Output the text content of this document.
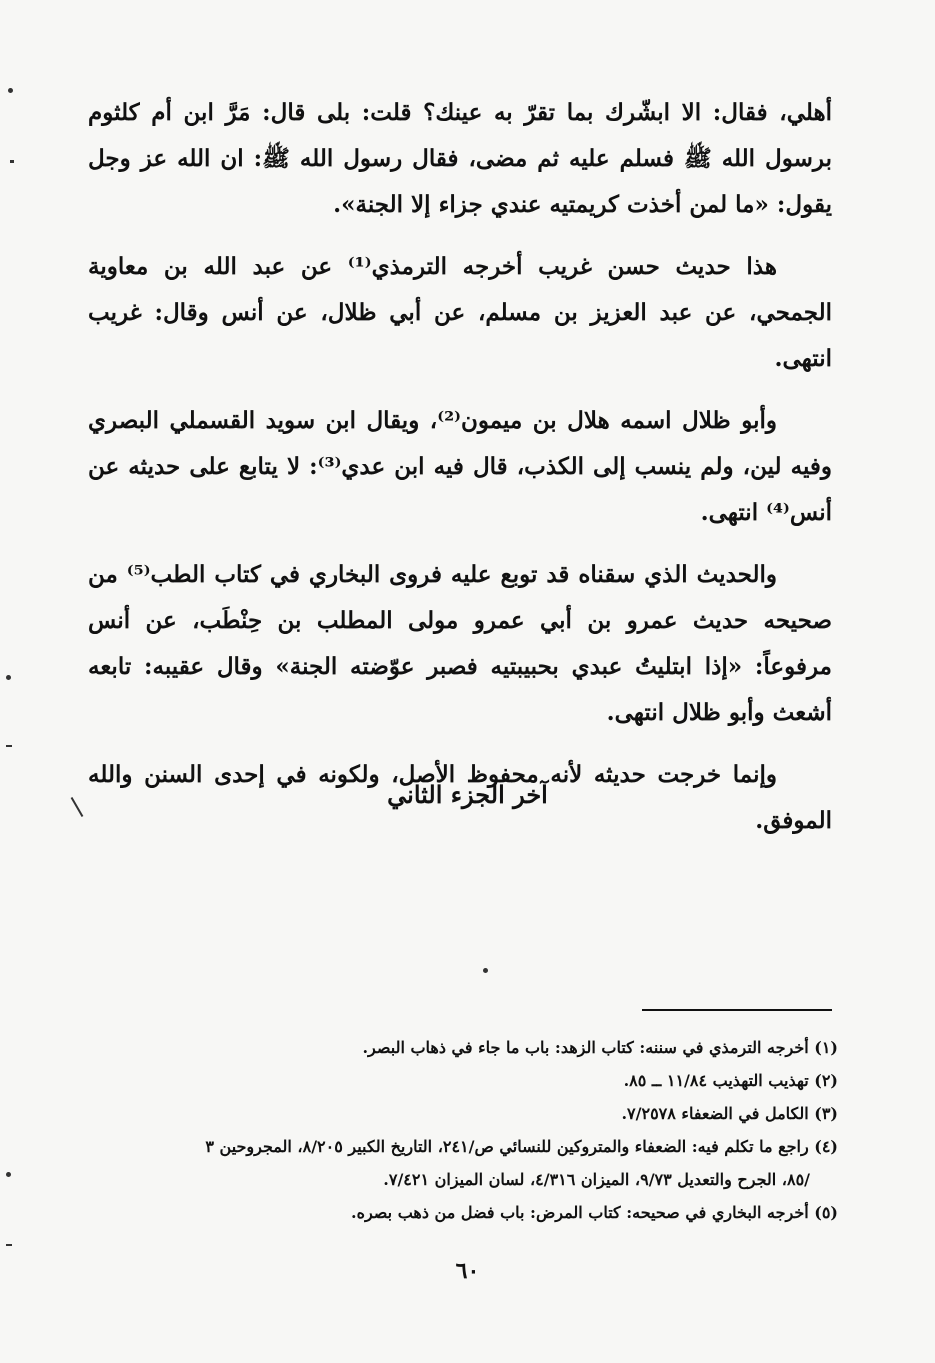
أهلي، فقال: الا ابشّرك بما تقرّ به عينك؟ قلت: بلى قال: مَرَّ ابن أم كلثوم برسول الله ﷺ فسلم عليه ثم مضى، فقال رسول الله ﷺ: ان الله عز وجل يقول: «ما لمن أخذت كريمتيه عندي جزاء إلا الجنة».

هذا حديث حسن غريب أخرجه الترمذي⁽¹⁾ عن عبد الله بن معاوية الجمحي، عن عبد العزيز بن مسلم، عن أبي ظلال، عن أنس وقال: غريب انتهى.

وأبو ظلال اسمه هلال بن ميمون⁽²⁾، ويقال ابن سويد القسملي البصري وفيه لين، ولم ينسب إلى الكذب، قال فيه ابن عدي⁽³⁾: لا يتابع على حديثه عن أنس⁽⁴⁾ انتهى.

والحديث الذي سقناه قد توبع عليه فروى البخاري في كتاب الطب⁽⁵⁾ من صحيحه حديث عمرو بن أبي عمرو مولى المطلب بن حِنْطَب، عن أنس مرفوعاً: «إذا ابتليتُ عبدي بحبيبتيه فصبر عوّضته الجنة» وقال عقيبه: تابعه أشعث وأبو ظلال انتهى.

وإنما خرجت حديثه لأنه محفوظ الأصل، ولكونه في إحدى السنن والله الموفق.

آخر الجزء الثاني

(١) أخرجه الترمذي في سننه: كتاب الزهد: باب ما جاء في ذهاب البصر.

(٢) تهذيب التهذيب ١١/٨٤ ــ ٨٥.

(٣) الكامل في الضعفاء ٧/٢٥٧٨.

(٤) راجع ما تكلم فيه: الضعفاء والمتروكين للنسائي ص/٢٤١، التاريخ الكبير ٨/٢٠٥، المجروحين ٣

/٨٥، الجرح والتعديل ٩/٧٣، الميزان ٤/٣١٦، لسان الميزان ٧/٤٢١.

(٥) أخرجه البخاري في صحيحه: كتاب المرض: باب فضل من ذهب بصره.

٦٠
